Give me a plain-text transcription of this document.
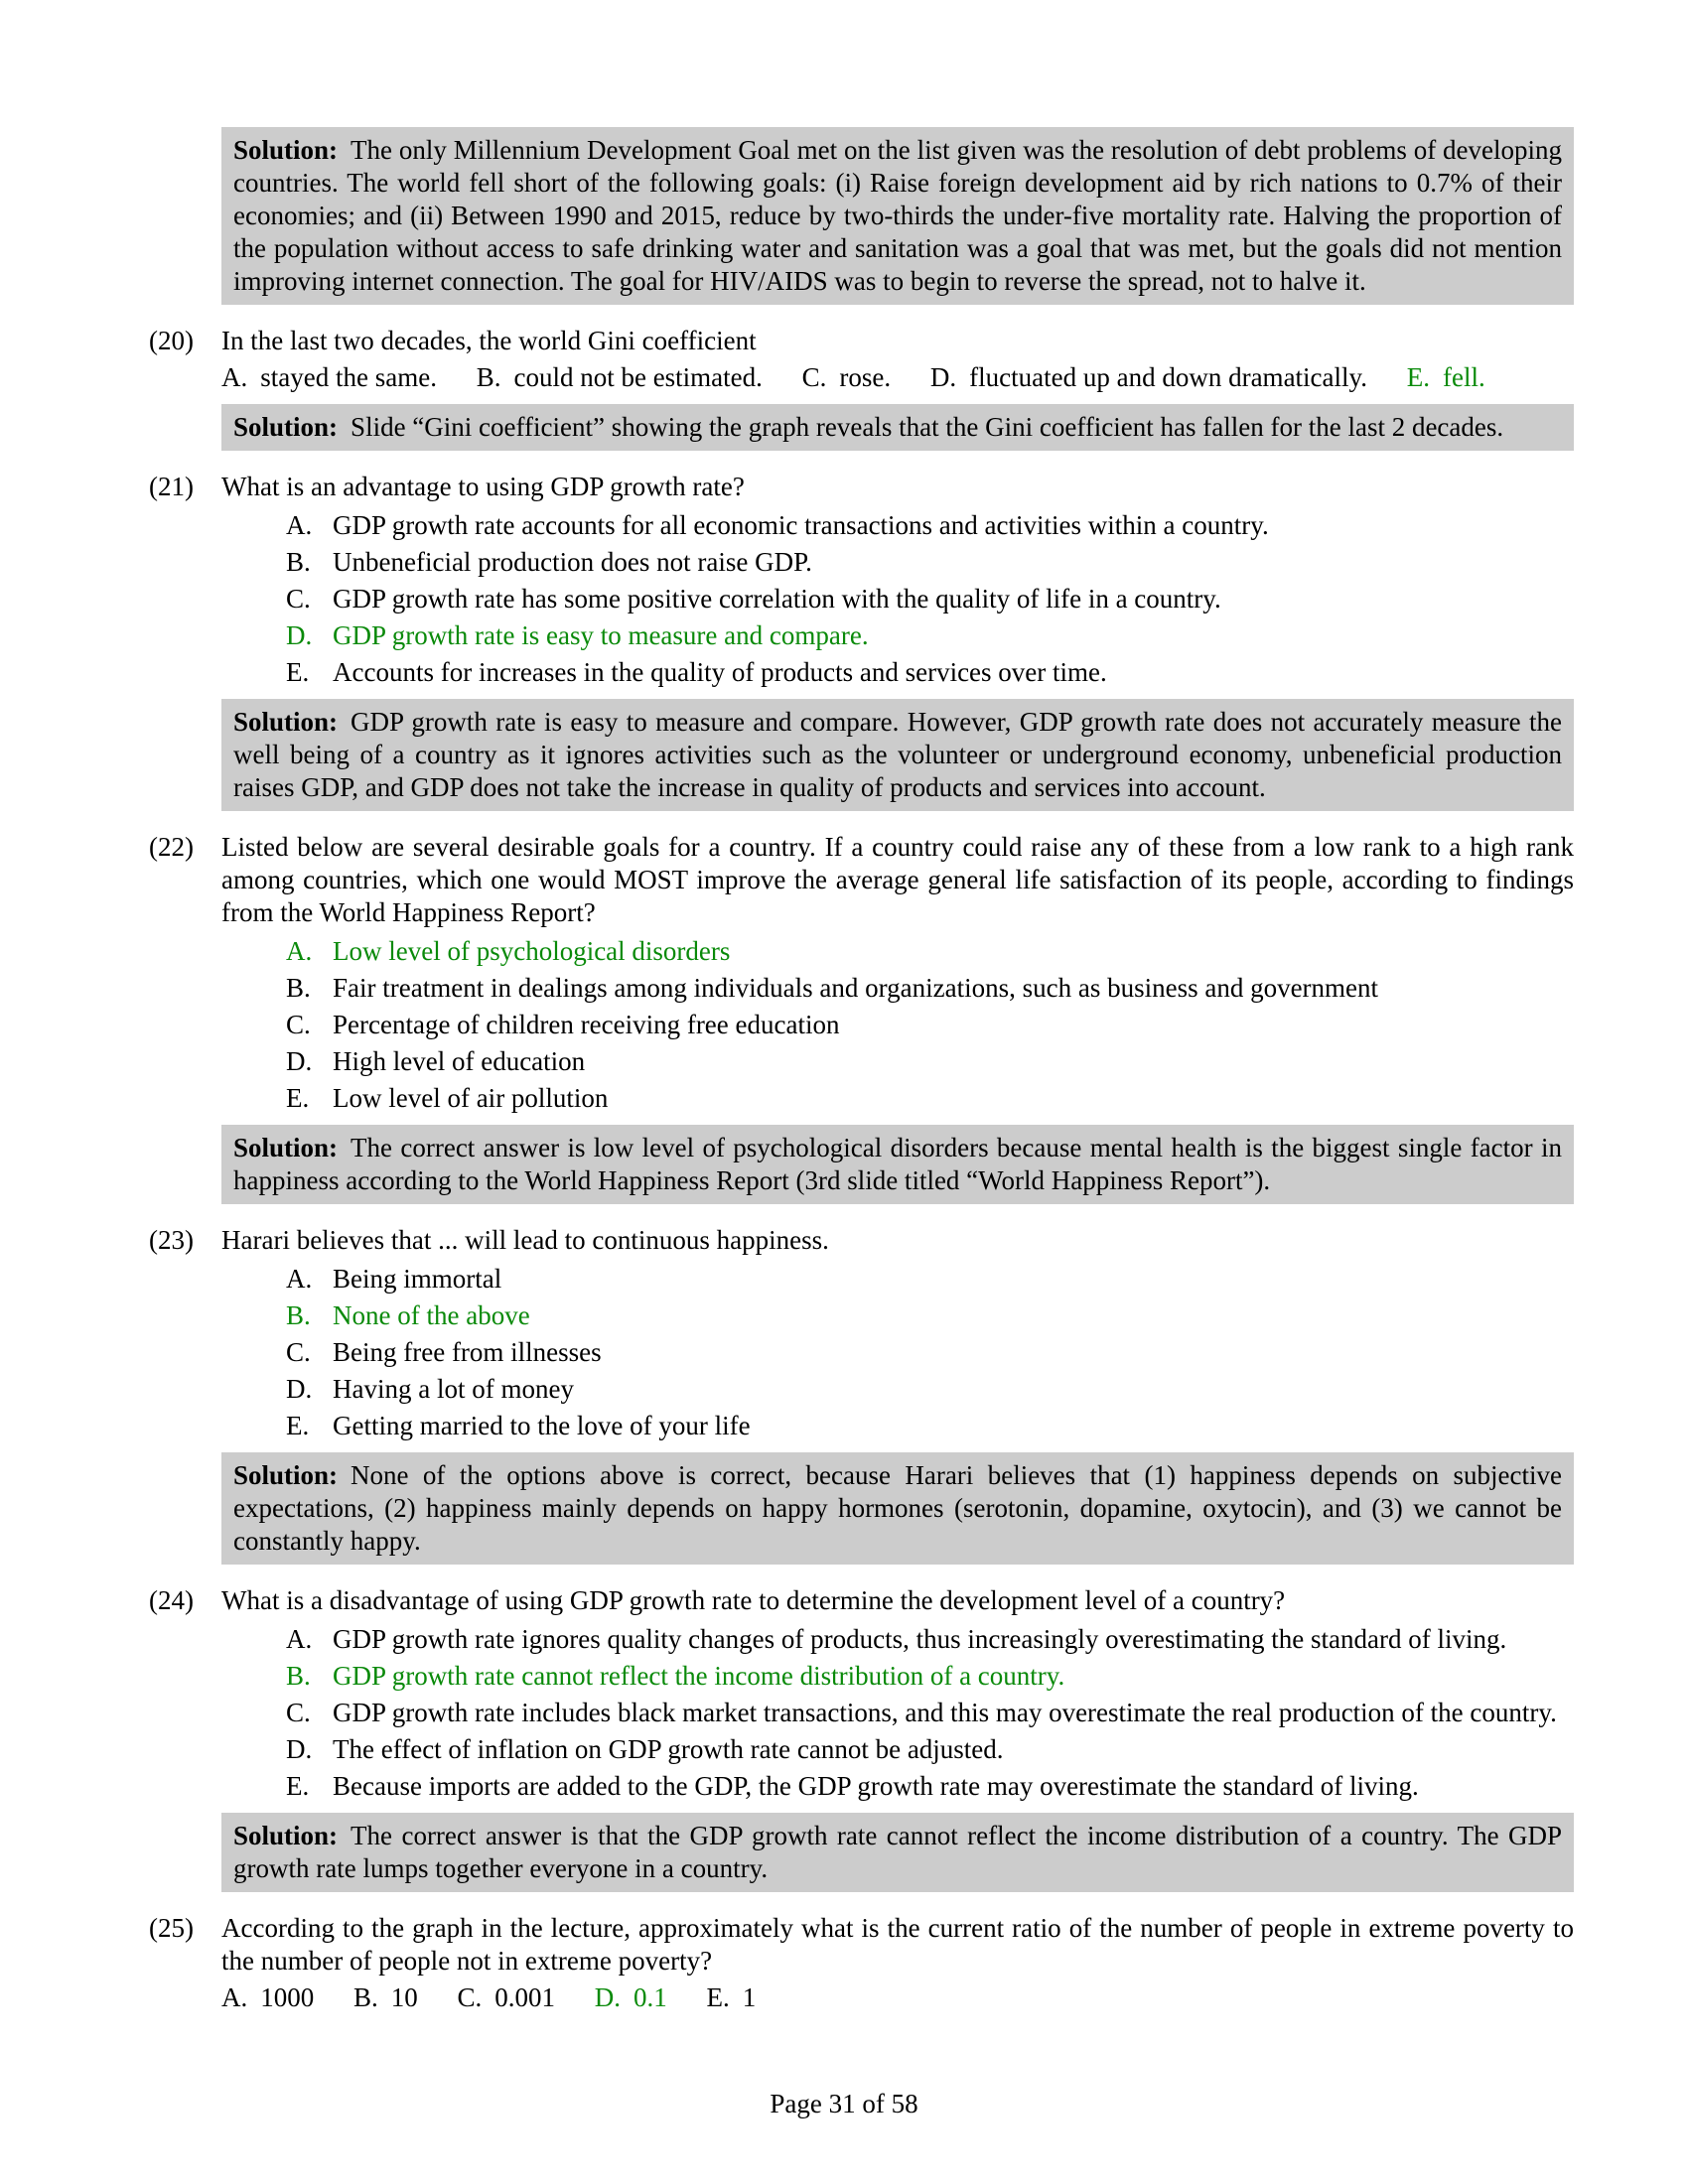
Solution: The only Millennium Development Goal met on the list given was the resolution of debt problems of developing countries. The world fell short of the following goals: (i) Raise foreign development aid by rich nations to 0.7% of their economies; and (ii) Between 1990 and 2015, reduce by two-thirds the under-five mortality rate. Halving the proportion of the population without access to safe drinking water and sanitation was a goal that was met, but the goals did not mention improving internet connection. The goal for HIV/AIDS was to begin to reverse the spread, not to halve it.
(20) In the last two decades, the world Gini coefficient
A. stayed the same. B. could not be estimated. C. rose. D. fluctuated up and down dramatically. E. fell.
Solution: Slide “Gini coefficient” showing the graph reveals that the Gini coefficient has fallen for the last 2 decades.
(21) What is an advantage to using GDP growth rate?
A. GDP growth rate accounts for all economic transactions and activities within a country.
B. Unbeneficial production does not raise GDP.
C. GDP growth rate has some positive correlation with the quality of life in a country.
D. GDP growth rate is easy to measure and compare.
E. Accounts for increases in the quality of products and services over time.
Solution: GDP growth rate is easy to measure and compare. However, GDP growth rate does not accurately measure the well being of a country as it ignores activities such as the volunteer or underground economy, unbeneficial production raises GDP, and GDP does not take the increase in quality of products and services into account.
(22) Listed below are several desirable goals for a country. If a country could raise any of these from a low rank to a high rank among countries, which one would MOST improve the average general life satisfaction of its people, according to findings from the World Happiness Report?
A. Low level of psychological disorders
B. Fair treatment in dealings among individuals and organizations, such as business and government
C. Percentage of children receiving free education
D. High level of education
E. Low level of air pollution
Solution: The correct answer is low level of psychological disorders because mental health is the biggest single factor in happiness according to the World Happiness Report (3rd slide titled “World Happiness Report”).
(23) Harari believes that ... will lead to continuous happiness.
A. Being immortal
B. None of the above
C. Being free from illnesses
D. Having a lot of money
E. Getting married to the love of your life
Solution: None of the options above is correct, because Harari believes that (1) happiness depends on subjective expectations, (2) happiness mainly depends on happy hormones (serotonin, dopamine, oxytocin), and (3) we cannot be constantly happy.
(24) What is a disadvantage of using GDP growth rate to determine the development level of a country?
A. GDP growth rate ignores quality changes of products, thus increasingly overestimating the standard of living.
B. GDP growth rate cannot reflect the income distribution of a country.
C. GDP growth rate includes black market transactions, and this may overestimate the real production of the country.
D. The effect of inflation on GDP growth rate cannot be adjusted.
E. Because imports are added to the GDP, the GDP growth rate may overestimate the standard of living.
Solution: The correct answer is that the GDP growth rate cannot reflect the income distribution of a country. The GDP growth rate lumps together everyone in a country.
(25) According to the graph in the lecture, approximately what is the current ratio of the number of people in extreme poverty to the number of people not in extreme poverty?
A. 1000 B. 10 C. 0.001 D. 0.1 E. 1
Page 31 of 58
